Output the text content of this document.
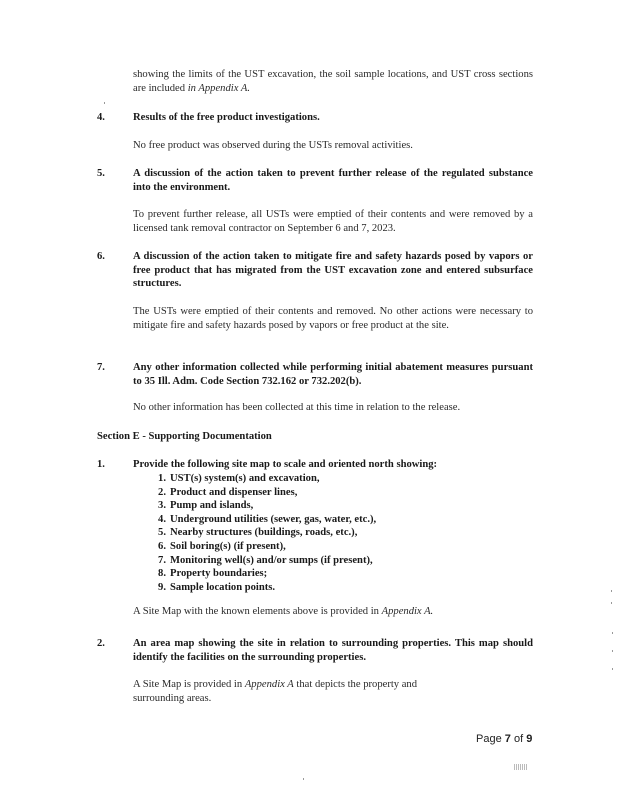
showing the limits of the UST excavation, the soil sample locations, and UST cross sections are included in Appendix A.
4.	Results of the free product investigations.
No free product was observed during the USTs removal activities.
5.	A discussion of the action taken to prevent further release of the regulated substance into the environment.
To prevent further release, all USTs were emptied of their contents and were removed by a licensed tank removal contractor on September 6 and 7, 2023.
6.	A discussion of the action taken to mitigate fire and safety hazards posed by vapors or free product that has migrated from the UST excavation zone and entered subsurface structures.
The USTs were emptied of their contents and removed. No other actions were necessary to mitigate fire and safety hazards posed by vapors or free product at the site.
7.	Any other information collected while performing initial abatement measures pursuant to 35 Ill. Adm. Code Section 732.162 or 732.202(b).
No other information has been collected at this time in relation to the release.
Section E - Supporting Documentation
1.	Provide the following site map to scale and oriented north showing:
1. UST(s) system(s) and excavation,
2. Product and dispenser lines,
3. Pump and islands,
4. Underground utilities (sewer, gas, water, etc.),
5. Nearby structures (buildings, roads, etc.),
6. Soil boring(s) (if present),
7. Monitoring well(s) and/or sumps (if present),
8. Property boundaries;
9. Sample location points.
A Site Map with the known elements above is provided in Appendix A.
2.	An area map showing the site in relation to surrounding properties. This map should identify the facilities on the surrounding properties.
A Site Map is provided in Appendix A that depicts the property and surrounding areas.
Page 7 of 9
